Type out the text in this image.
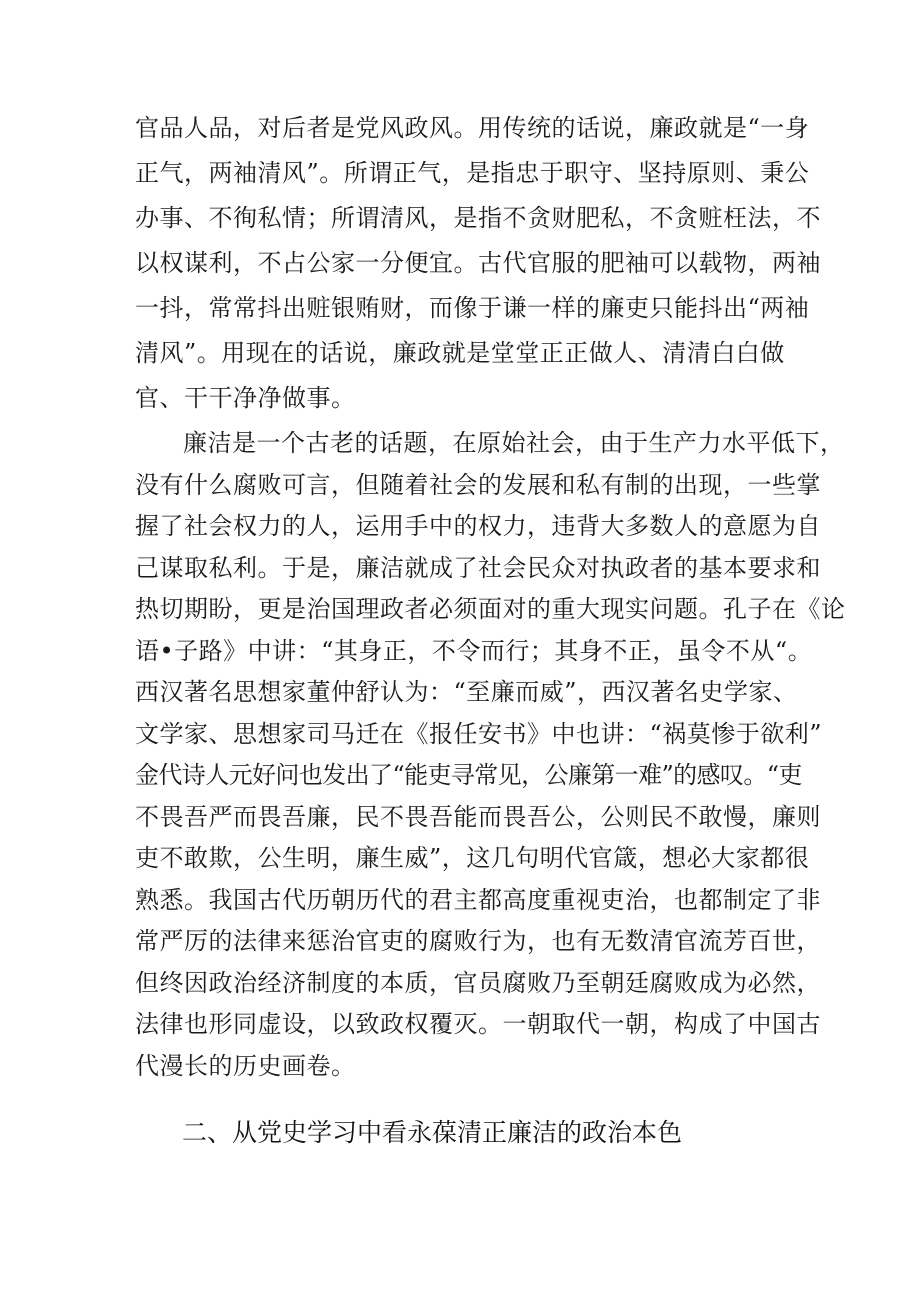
官品人品，对后者是党风政风。用传统的话说，廉政就是“一身
正气，两袖清风”。所谓正气，是指忠于职守、坚持原则、秉公
办事、不徇私情；所谓清风，是指不贪财肥私，不贪赃枉法，不
以权谋利，不占公家一分便宜。古代官服的肥袖可以载物，两袖
一抖，常常抖出赃银贿财，而像于谦一样的廉吏只能抖出“两袖
清风”。用现在的话说，廉政就是堂堂正正做人、清清白白做
官、干干净净做事。
廉洁是一个古老的话题，在原始社会，由于生产力水平低下，
没有什么腐败可言，但随着社会的发展和私有制的出现，一些掌
握了社会权力的人，运用手中的权力，违背大多数人的意愿为自
己谋取私利。于是，廉洁就成了社会民众对执政者的基本要求和
热切期盼，更是治国理政者必须面对的重大现实问题。孔子在《论
语•子路》中讲：“其身正，不令而行；其身不正，虽令不从“。
西汉著名思想家董仲舒认为：“至廉而威”，西汉著名史学家、
文学家、思想家司马迁在《报任安书》中也讲：“祸莫惨于欲利”
金代诗人元好问也发出了“能吏寻常见，公廉第一难”的感叹。“吏
不畏吾严而畏吾廉，民不畏吾能而畏吾公，公则民不敢慢，廉则
吏不敢欺，公生明，廉生威”，这几句明代官箴，想必大家都很
熟悉。我国古代历朝历代的君主都高度重视吏治，也都制定了非
常严厉的法律来惩治官吏的腐败行为，也有无数清官流芳百世，
但终因政治经济制度的本质，官员腐败乃至朝廷腐败成为必然，
法律也形同虚设，以致政权覆灭。一朝取代一朝，构成了中国古
代漫长的历史画卷。
二、从党史学习中看永葆清正廉洁的政治本色
